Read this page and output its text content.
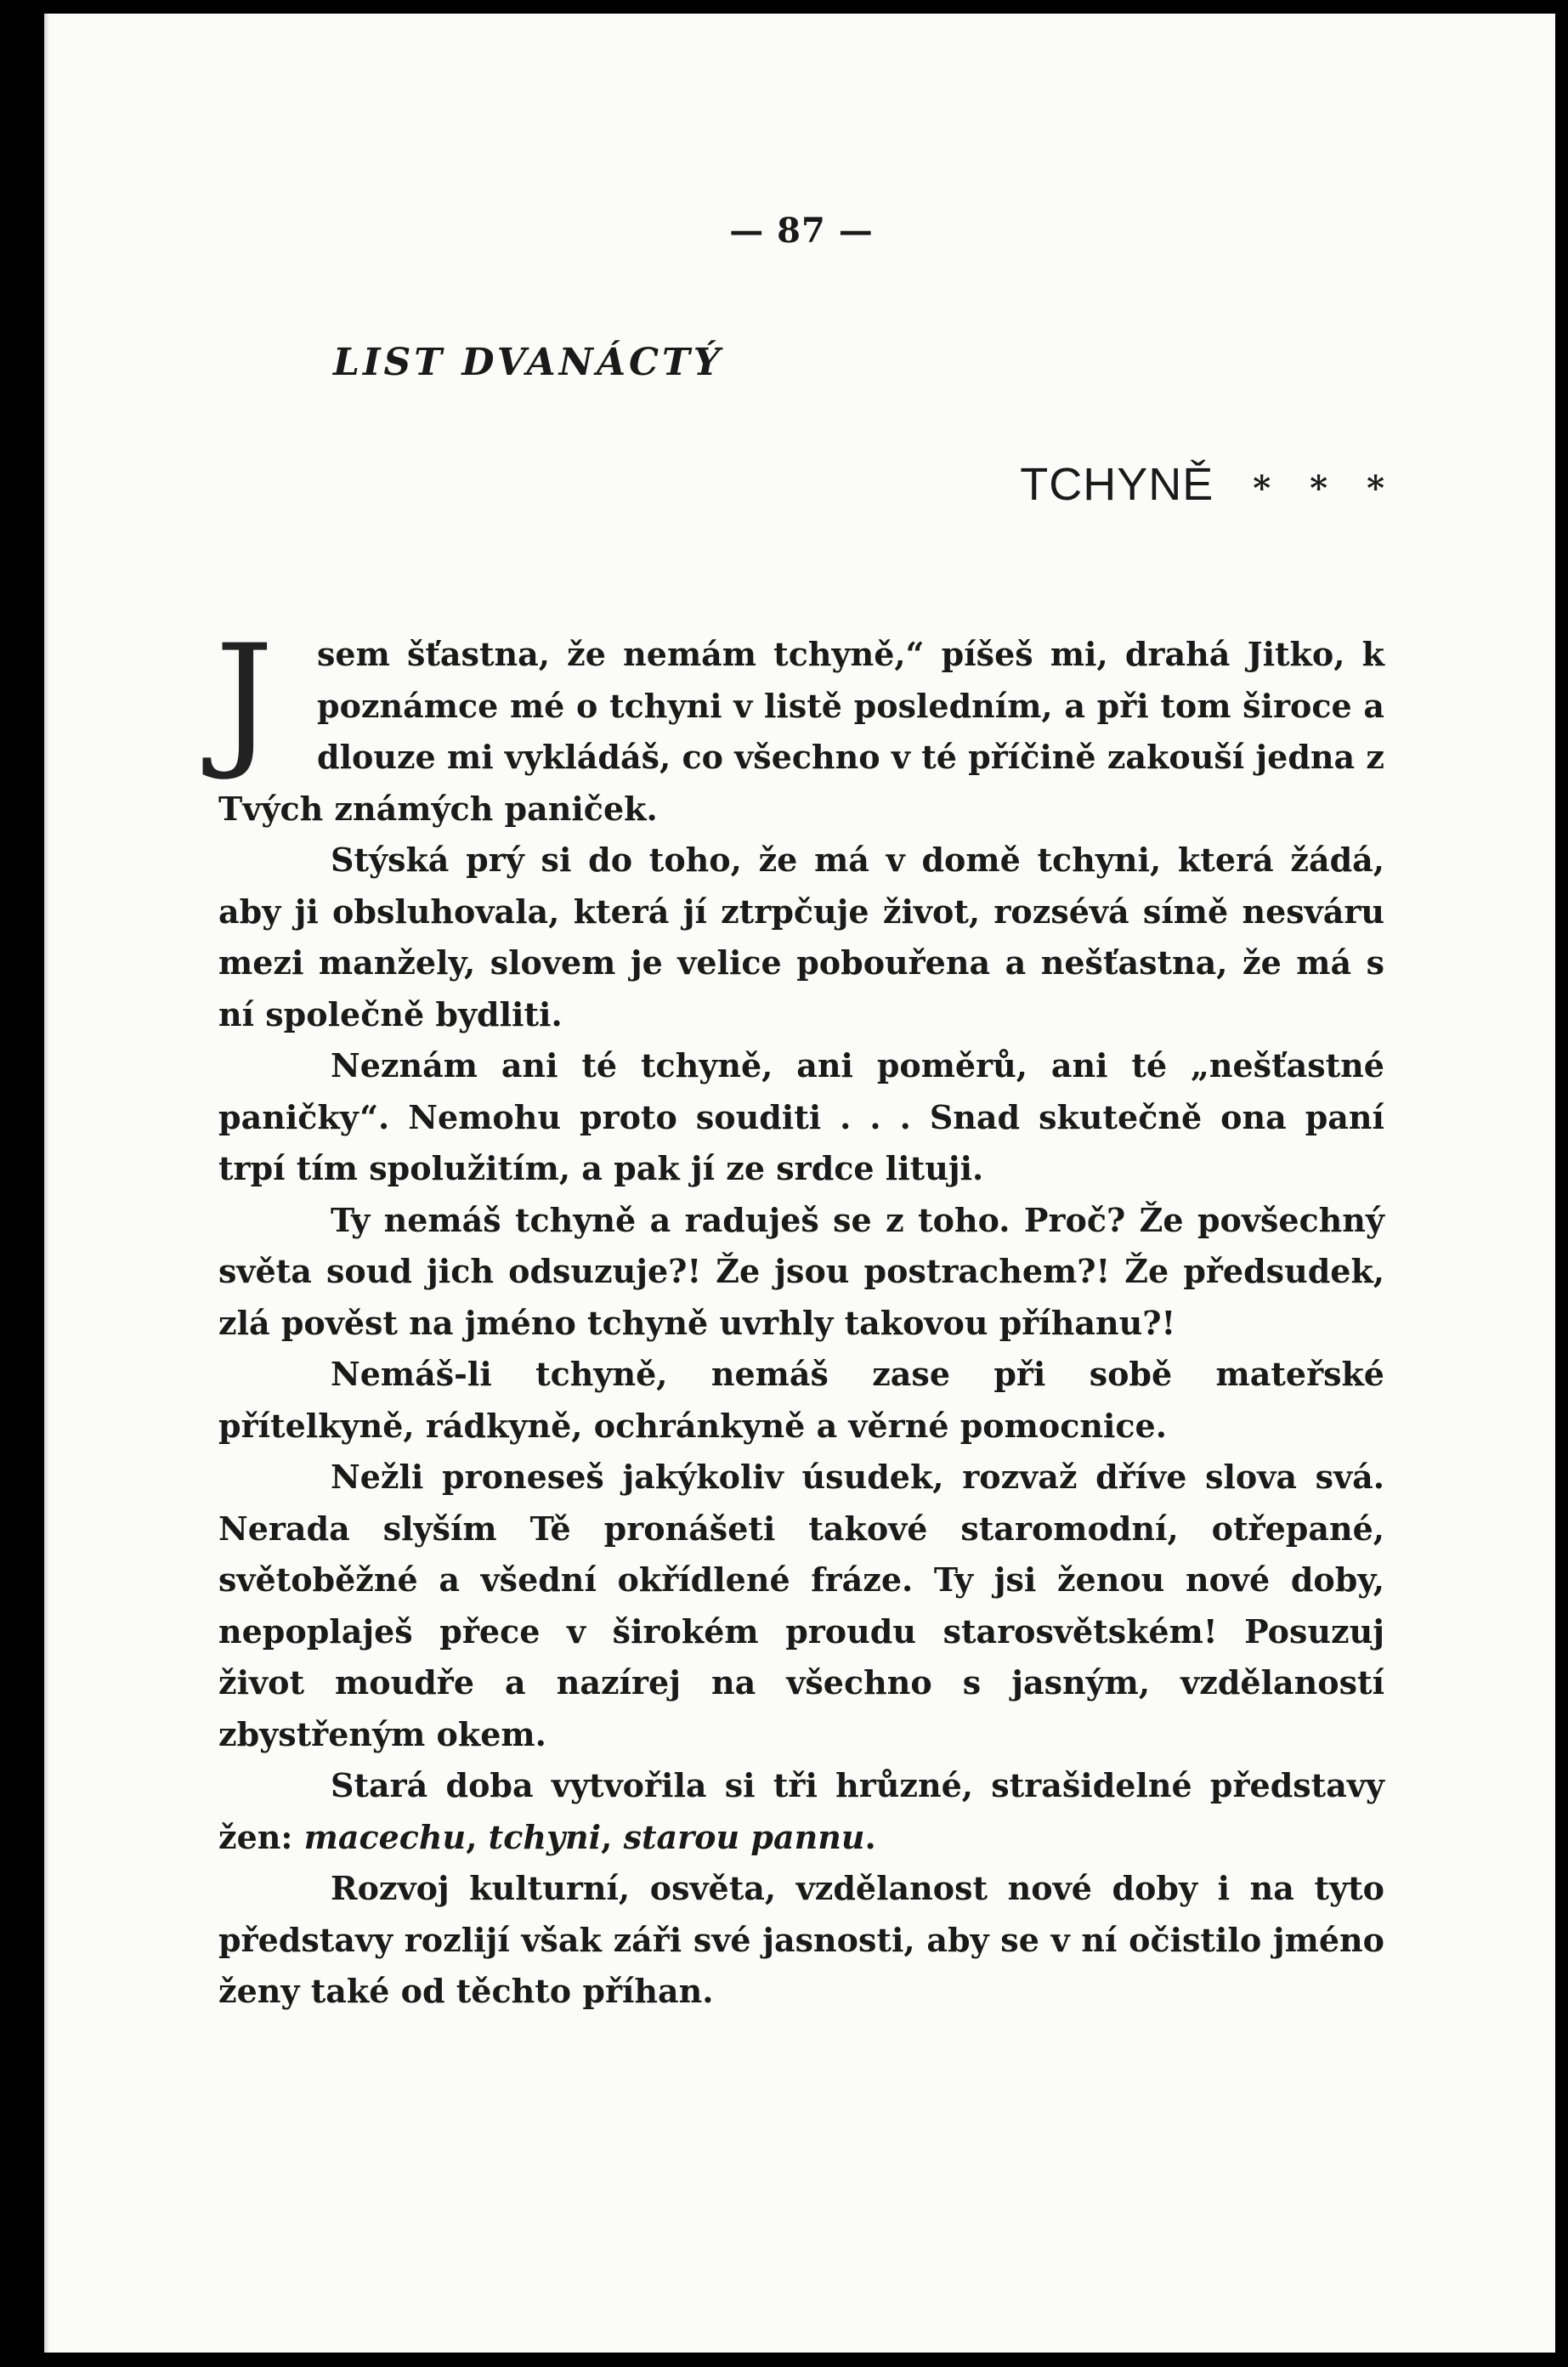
— 87 —
LIST DVANÁCTÝ
TCHYNĚ * * *

J	sem šťastna, že nemám tchyně,“ píšeš mi, drahá Jitko, k poznámce mé o tchyni v listě posledním, a při tom široce a dlouze mi vykládáš, co všechno v té příčině zakouší jedna z Tvých známých paniček.

Stýská prý si do toho, že má v domě tchyni, která žádá, aby ji obsluhovala, která jí ztrpčuje život, rozsévá símě nesváru mezi manžely, slovem je velice pobouřena a nešťastna, že má s ní společně bydliti.

Neznám ani té tchyně, ani poměrů, ani té „nešťastné paničky“. Nemohu proto souditi . . . Snad skutečně ona paní trpí tím spolužitím, a pak jí ze srdce lituji.

Ty nemáš tchyně a raduješ se z toho. Proč? Že povšechný světa soud jich odsuzuje?! Že jsou postrachem?! Že předsudek, zlá pověst na jméno tchyně uvrhly takovou příhanu?!

Nemáš-li tchyně, nemáš zase při sobě mateřské přítelkyně, rádkyně, ochránkyně a věrné pomocnice.

Nežli proneseš jakýkoliv úsudek, rozvaž dříve slova svá. Nerada slyším Tě pronášeti takové staromodní, otřepané, světoběžné a všední okřídlené fráze. Ty jsi ženou nové doby, nepoplaješ přece v širokém proudu starosvětském! Posuzuj život moudře a nazírej na všechno s jasným, vzdělaností zbystřeným okem.

Stará doba vytvořila si tři hrůzné, strašidelné představy žen: macechu, tchyni, starou pannu.

Rozvoj kulturní, osvěta, vzdělanost nové doby i na tyto představy rozlijí však záři své jasnosti, aby se v ní očistilo jméno ženy také od těchto příhan.
